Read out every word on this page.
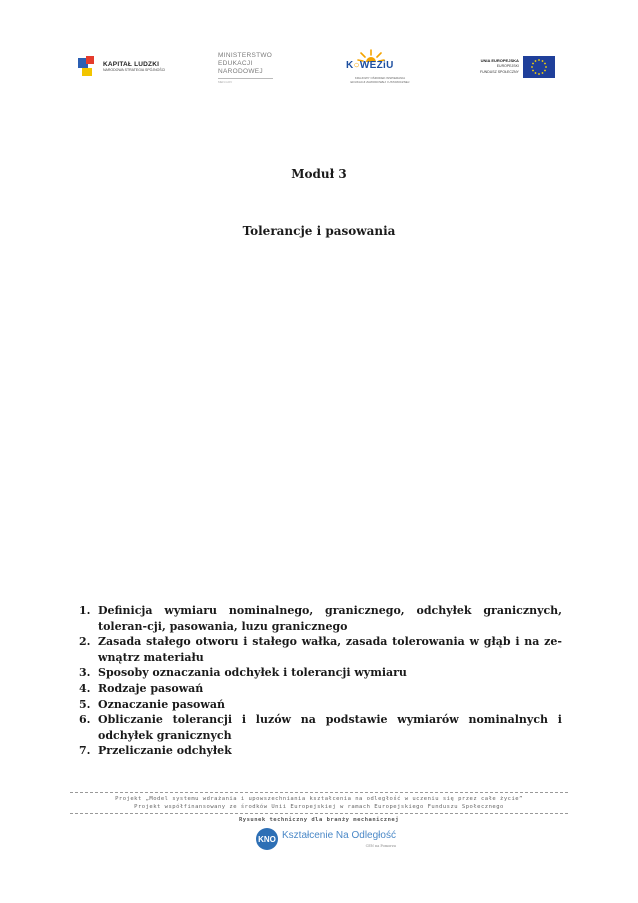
KAPITAŁ LUDZKI
NARODOWA STRATEGIA SPÓJNOŚCI
MINISTERSTWO
EDUKACJI
NARODOWEJ
MEN.GOV
K○WEZiU
KRAJOWY OŚRODEK WSPIERANIA EDUKACJI ZAWODOWEJ I USTAWICZNEJ
UNIA EUROPEJSKA
EUROPEJSKI
FUNDUSZ SPOŁECZNY
Moduł 3
Tolerancje i pasowania
1. Definicja wymiaru nominalnego, granicznego, odchyłek granicznych, toleran-cji, pasowania, luzu granicznego
2. Zasada stałego otworu i stałego wałka, zasada tolerowania w głąb i na ze-wnątrz materiału
3. Sposoby oznaczania odchyłek i tolerancji wymiaru
4. Rodzaje pasowań
5. Oznaczanie pasowań
6. Obliczanie tolerancji i luzów na podstawie wymiarów nominalnych i odchyłek granicznych
7. Przeliczanie odchyłek
Projekt „Model systemu wdrażania i upowszechniania kształcenia na odległość w uczeniu się przez całe życie”
Projekt współfinansowany ze środków Unii Europejskiej w ramach Europejskiego Funduszu Społecznego
Rysunek techniczny dla branży mechanicznej
KNO Kształcenie Na Odległość
CEN na Pomorzu
